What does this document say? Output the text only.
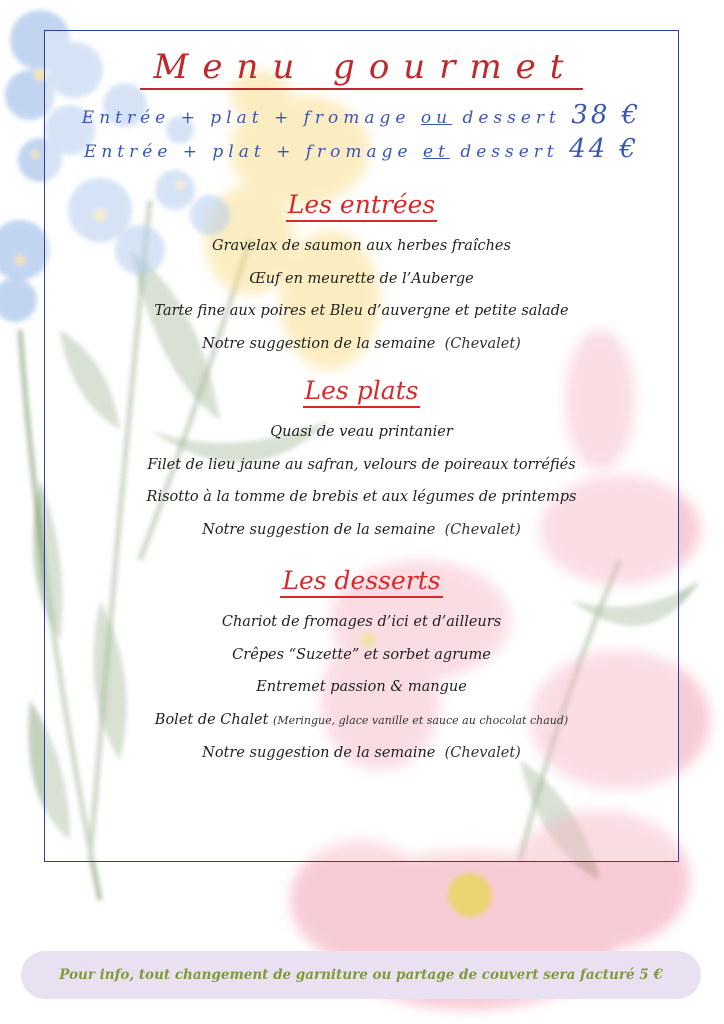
Menu gourmet
Entrée + plat + fromage ou dessert 38 €
Entrée + plat + fromage et dessert 44 €
Les entrées
Gravelax de saumon aux herbes fraîches
Œuf en meurette de l’Auberge
Tarte fine aux poires et Bleu d’auvergne et petite salade
Notre suggestion de la semaine (Chevalet)
Les plats
Quasi de veau printanier
Filet de lieu jaune au safran, velours de poireaux torréfiés
Risotto à la tomme de brebis et aux légumes de printemps
Notre suggestion de la semaine (Chevalet)
Les desserts
Chariot de fromages d’ici et d’ailleurs
Crêpes “Suzette” et sorbet agrume
Entremet passion & mangue
Bolet de Chalet (Meringue, glace vanille et sauce au chocolat chaud)
Notre suggestion de la semaine (Chevalet)
Pour info, tout changement de garniture ou partage de couvert sera facturé 5 €
